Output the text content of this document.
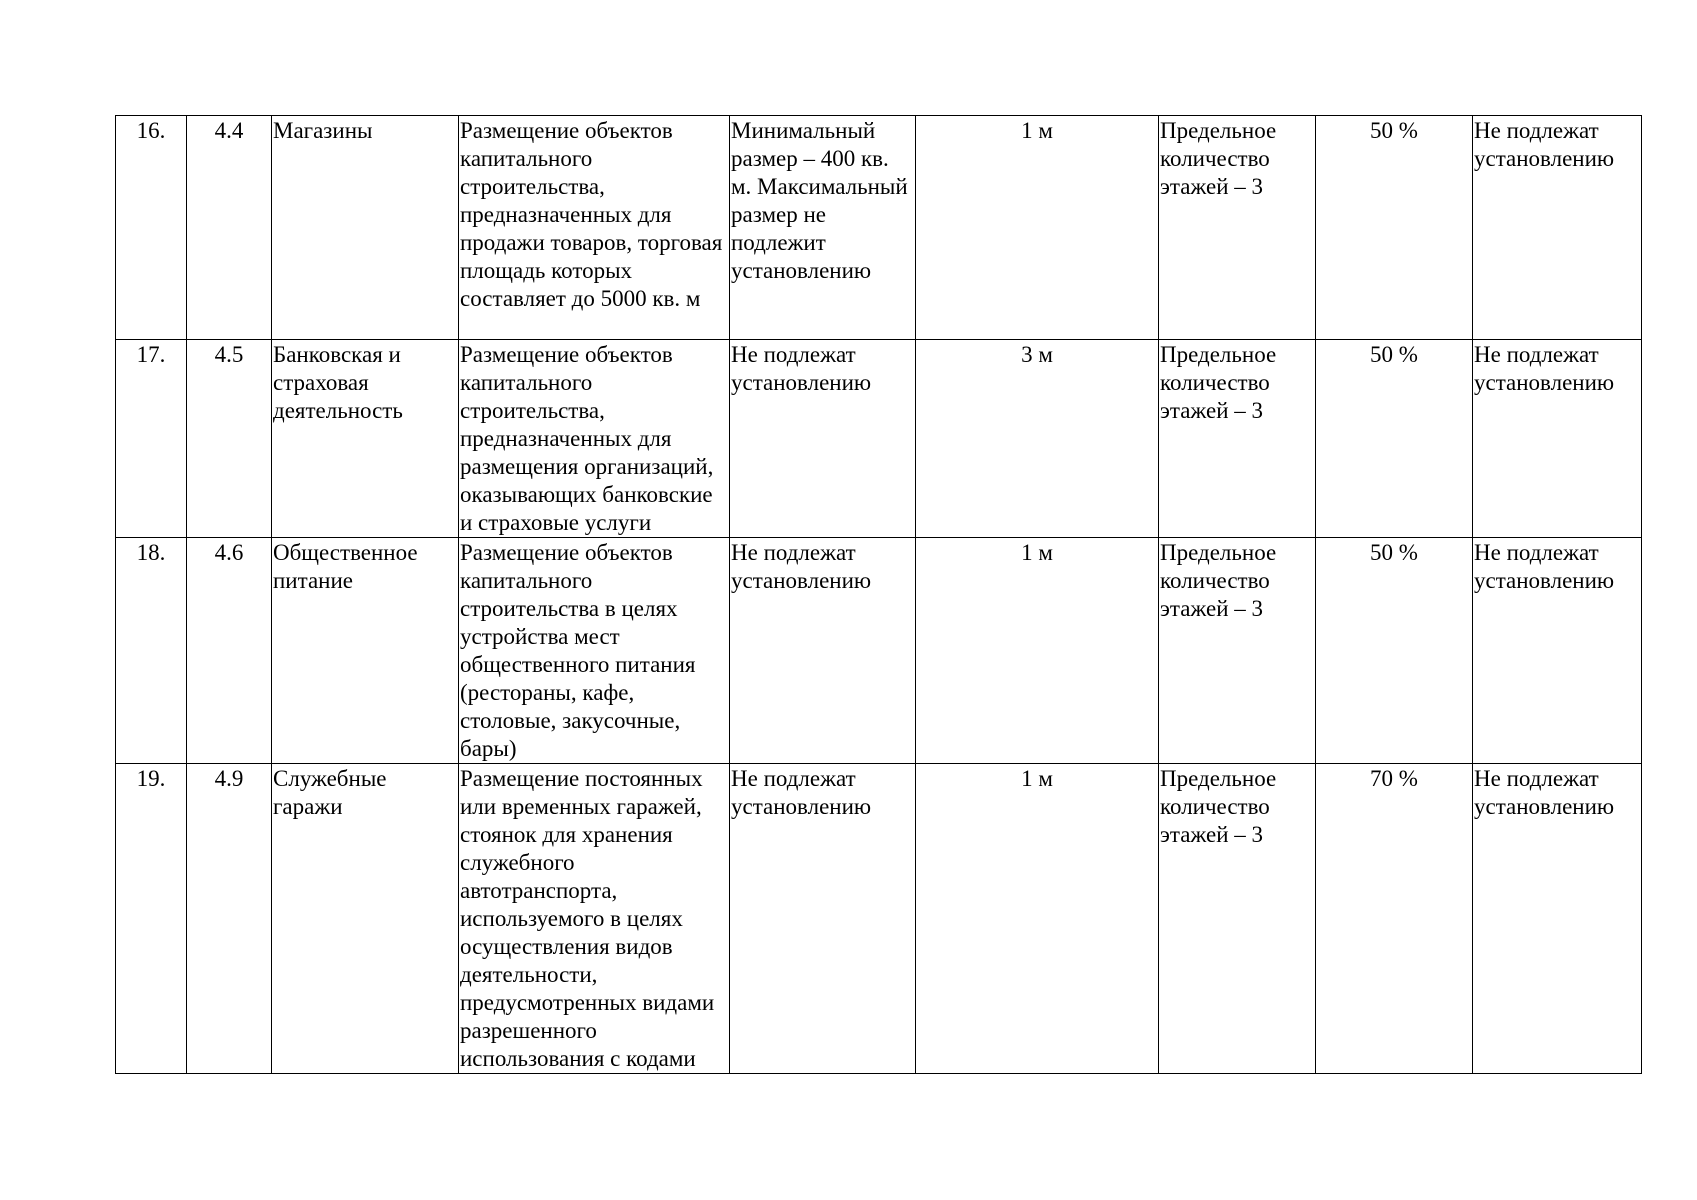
16.	4.4	Магазины	Размещение объектов капитального строительства, предназначенных для продажи товаров, торговая площадь которых составляет до 5000 кв. м	Минимальный размер – 400 кв. м. Максимальный размер не подлежит установлению	1 м	Предельное количество этажей – 3	50 %	Не подлежат установлению
17.	4.5	Банковская и страховая деятельность	Размещение объектов капитального строительства, предназначенных для размещения организаций, оказывающих банковские и страховые услуги	Не подлежат установлению	3 м	Предельное количество этажей – 3	50 %	Не подлежат установлению
18.	4.6	Общественное питание	Размещение объектов капитального строительства в целях устройства мест общественного питания (рестораны, кафе, столовые, закусочные, бары)	Не подлежат установлению	1 м	Предельное количество этажей – 3	50 %	Не подлежат установлению
19.	4.9	Служебные гаражи	Размещение постоянных или временных гаражей, стоянок для хранения служебного автотранспорта, используемого в целях осуществления видов деятельности, предусмотренных видами разрешенного использования с кодами	Не подлежат установлению	1 м	Предельное количество этажей – 3	70 %	Не подлежат установлению
